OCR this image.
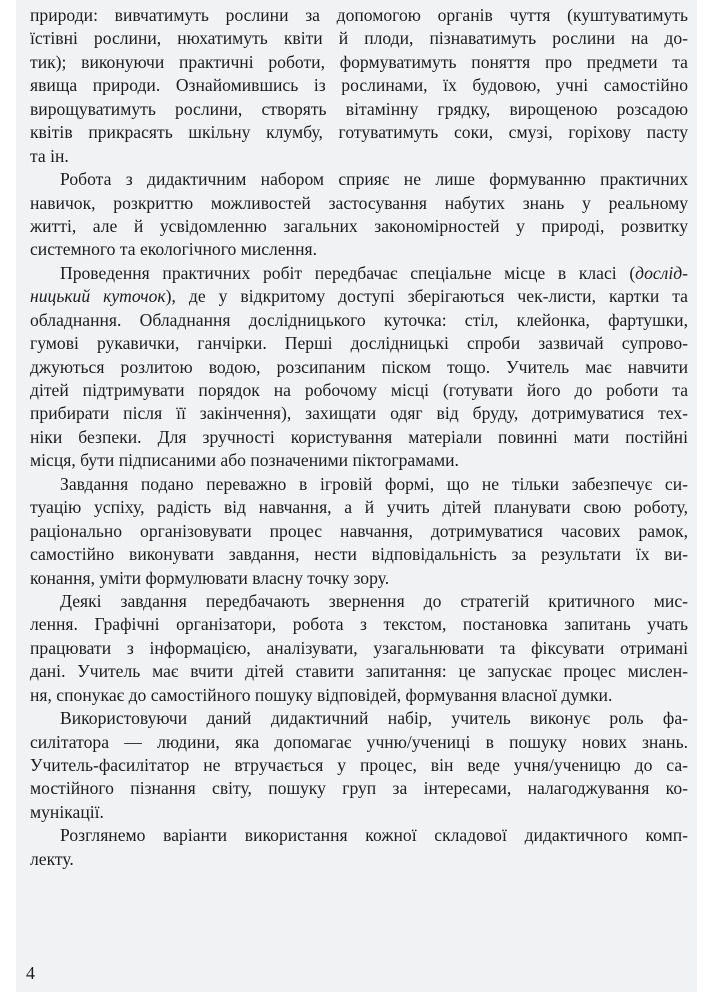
природи: вивчатимуть рослини за допомогою органів чуття (куштуватимуть
їстівні рослини, нюхатимуть квіти й плоди, пізнаватимуть рослини на до-
тик); виконуючи практичні роботи, формуватимуть поняття про предмети та
явища природи. Ознайомившись із рослинами, їх будовою, учні самостійно
вирощуватимуть рослини, створять вітамінну грядку, вирощеною розсадою
квітів прикрасять шкільну клумбу, готуватимуть соки, смузі, горіхову пасту
та ін.
Робота з дидактичним набором сприяє не лише формуванню практичних
навичок, розкриттю можливостей застосування набутих знань у реальному
житті, але й усвідомленню загальних закономірностей у природі, розвитку
системного та екологічного мислення.
Проведення практичних робіт передбачає спеціальне місце в класі (дослід-
ницький куточок), де у відкритому доступі зберігаються чек-листи, картки та
обладнання. Обладнання дослідницького куточка: стіл, клейонка, фартушки,
гумові рукавички, ганчірки. Перші дослідницькі спроби зазвичай супрово-
джуються розлитою водою, розсипаним піском тощо. Учитель має навчити
дітей підтримувати порядок на робочому місці (готувати його до роботи та
прибирати після її закінчення), захищати одяг від бруду, дотримуватися тех-
ніки безпеки. Для зручності користування матеріали повинні мати постійні
місця, бути підписаними або позначеними піктограмами.
Завдання подано переважно в ігровій формі, що не тільки забезпечує си-
туацію успіху, радість від навчання, а й учить дітей планувати свою роботу,
раціонально організовувати процес навчання, дотримуватися часових рамок,
самостійно виконувати завдання, нести відповідальність за результати їх ви-
конання, уміти формулювати власну точку зору.
Деякі завдання передбачають звернення до стратегій критичного мис-
лення. Графічні організатори, робота з текстом, постановка запитань учать
працювати з інформацією, аналізувати, узагальнювати та фіксувати отримані
дані. Учитель має вчити дітей ставити запитання: це запускає процес мислен-
ня, спонукає до самостійного пошуку відповідей, формування власної думки.
Використовуючи даний дидактичний набір, учитель виконує роль фа-
силітатора — людини, яка допомагає учню/учениці в пошуку нових знань.
Учитель-фасилітатор не втручається у процес, він веде учня/ученицю до са-
мостійного пізнання світу, пошуку груп за інтересами, налагоджування ко-
мунікації.
Розглянемо варіанти використання кожної складової дидактичного комп-
лекту.
4
